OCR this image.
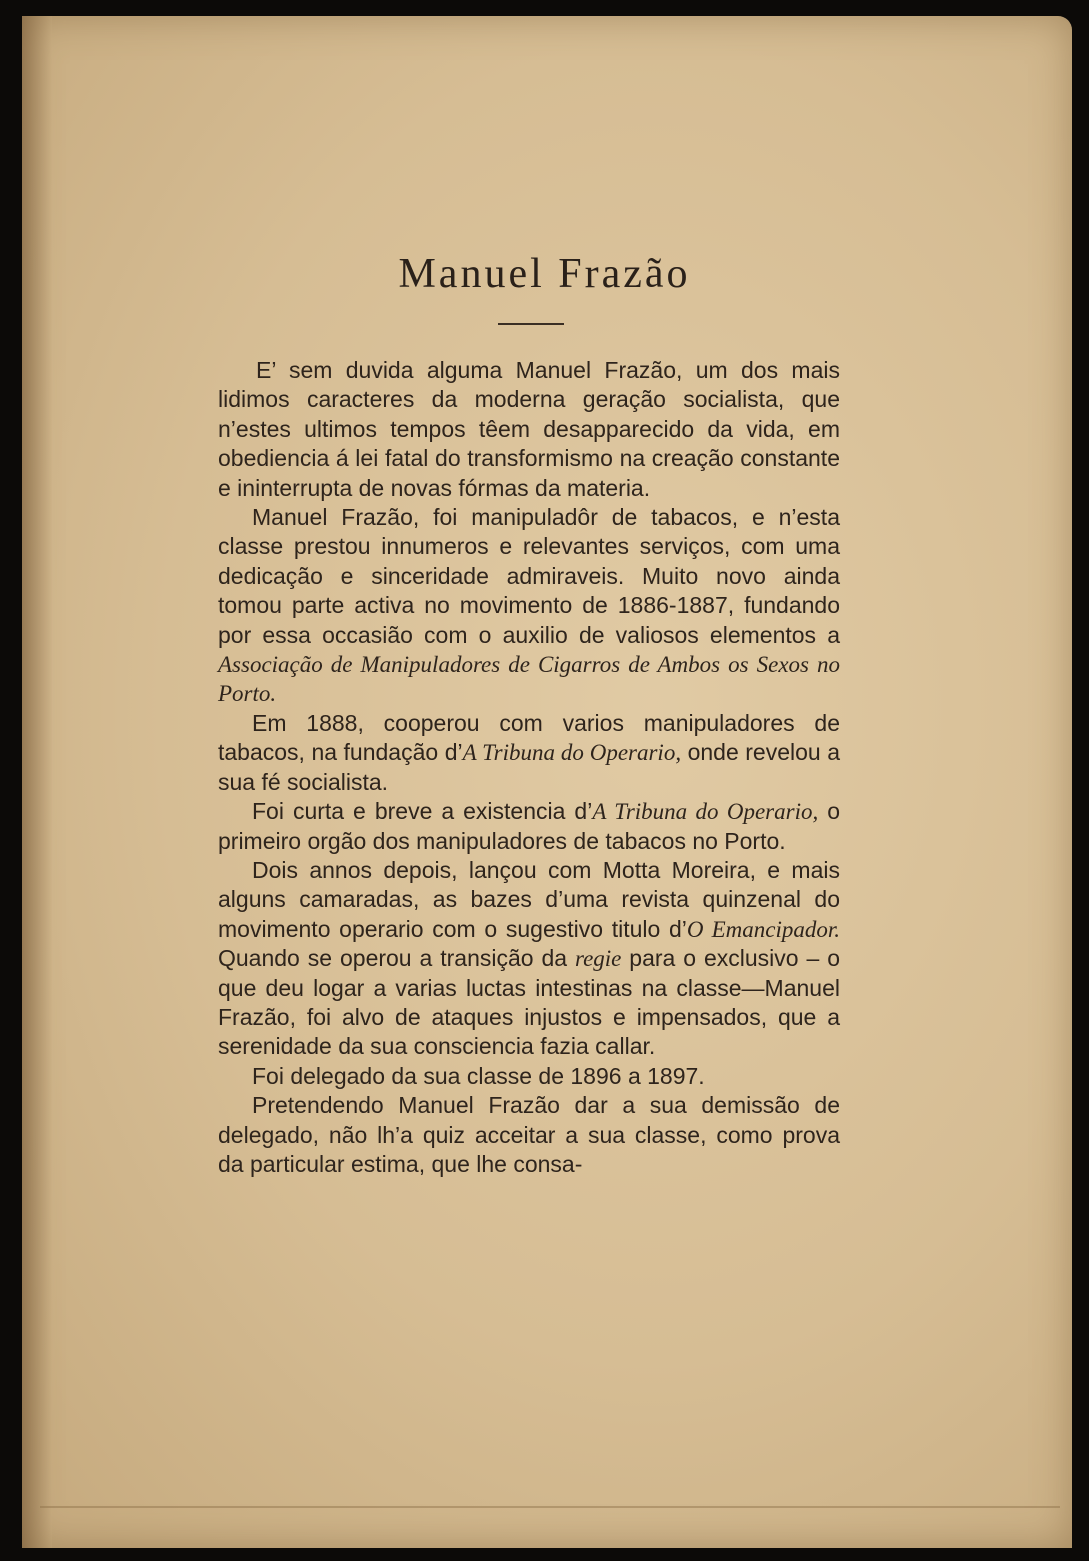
Manuel Frazão

E’ sem duvida alguma Manuel Frazão, um dos mais lidimos caracteres da moderna geração socialista, que n’estes ultimos tempos têem desapparecido da vida, em obediencia á lei fatal do transformismo na creação constante e ininterrupta de novas fórmas da materia.

Manuel Frazão, foi manipuladôr de tabacos, e n’esta classe prestou innumeros e relevantes serviços, com uma dedicação e sinceridade admiraveis. Muito novo ainda tomou parte activa no movimento de 1886-1887, fundando por essa occasião com o auxilio de valiosos elementos a Associação de Manipuladores de Cigarros de Ambos os Sexos no Porto.

Em 1888, cooperou com varios manipuladores de tabacos, na fundação d’A Tribuna do Operario, onde revelou a sua fé socialista.

Foi curta e breve a existencia d’A Tribuna do Operario, o primeiro orgão dos manipuladores de tabacos no Porto.

Dois annos depois, lançou com Motta Moreira, e mais alguns camaradas, as bazes d’uma revista quinzenal do movimento operario com o sugestivo titulo d’O Emancipador. Quando se operou a transição da regie para o exclusivo – o que deu logar a varias luctas intestinas na classe—Manuel Frazão, foi alvo de ataques injustos e impensados, que a serenidade da sua consciencia fazia callar.

Foi delegado da sua classe de 1896 a 1897.

Pretendendo Manuel Frazão dar a sua demissão de delegado, não lh’a quiz acceitar a sua classe, como prova da particular estima, que lhe consa-
